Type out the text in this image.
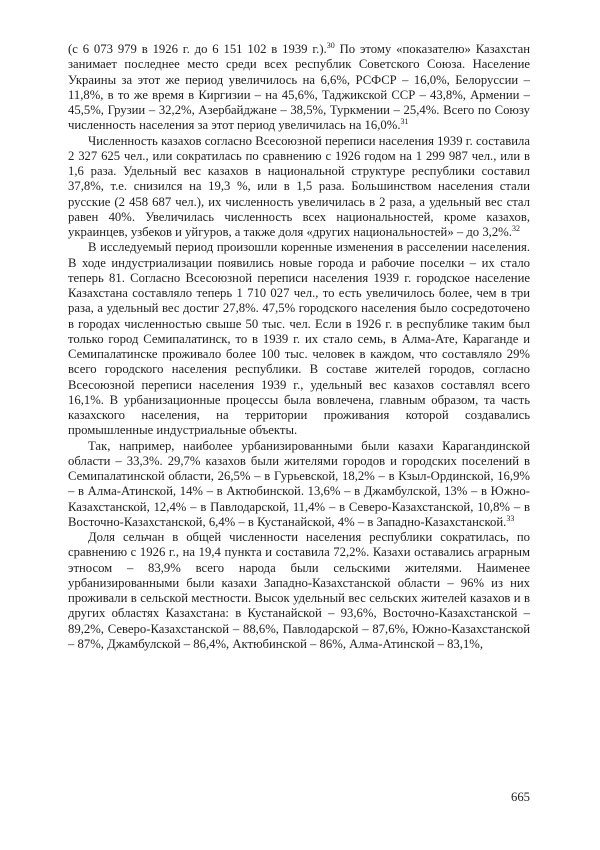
(с 6 073 979 в 1926 г. до 6 151 102 в 1939 г.).$^{30}$ По этому «показателю» Казахстан занимает последнее место среди всех республик Советского Союза. Население Украины за этот же период увеличилось на 6,6%, РСФСР – 16,0%, Белоруссии – 11,8%, в то же время в Киргизии – на 45,6%, Таджикской ССР – 43,8%, Армении – 45,5%, Грузии – 32,2%, Азербайджане – 38,5%, Туркмении – 25,4%. Всего по Союзу численность населения за этот период увеличилась на 16,0%.$^{31}$

Численность казахов согласно Всесоюзной переписи населения 1939 г. составила 2 327 625 чел., или сократилась по сравнению с 1926 годом на 1 299 987 чел., или в 1,6 раза. Удельный вес казахов в национальной структуре республики составил 37,8%, т.е. снизился на 19,3 %, или в 1,5 раза. Большинством населения стали русские (2 458 687 чел.), их численность увеличилась в 2 раза, а удельный вес стал равен 40%. Увеличилась численность всех национальностей, кроме казахов, украинцев, узбеков и уйгуров, а также доля «других национальностей» – до 3,2%.$^{32}$

В исследуемый период произошли коренные изменения в расселении населения. В ходе индустриализации появились новые города и рабочие поселки – их стало теперь 81. Согласно Всесоюзной переписи населения 1939 г. городское население Казахстана составляло теперь 1 710 027 чел., то есть увеличилось более, чем в три раза, а удельный вес достиг 27,8%. 47,5% городского населения было сосредоточено в городах численностью свыше 50 тыс. чел. Если в 1926 г. в республике таким был только город Семипалатинск, то в 1939 г. их стало семь, в Алма-Ате, Караганде и Семипалатинске проживало более 100 тыс. человек в каждом, что составляло 29% всего городского населения республики. В составе жителей городов, согласно Всесоюзной переписи населения 1939 г., удельный вес казахов составлял всего 16,1%. В урбанизационные процессы была вовлечена, главным образом, та часть казахского населения, на территории проживания которой создавались промышленные индустриальные объекты.

Так, например, наиболее урбанизированными были казахи Карагандинской области – 33,3%. 29,7% казахов были жителями городов и городских поселений в Семипалатинской области, 26,5% – в Гурьевской, 18,2% – в Кзыл-Ординской, 16,9% – в Алма-Атинской, 14% – в Актюбинской. 13,6% – в Джамбулской, 13% – в Южно-Казахстанской, 12,4% – в Павлодарской, 11,4% – в Северо-Казахстанской, 10,8% – в Восточно-Казахстанской, 6,4% – в Кустанайской, 4% – в Западно-Казахстанской.$^{33}$

Доля сельчан в общей численности населения республики сократилась, по сравнению с 1926 г., на 19,4 пункта и составила 72,2%. Казахи оставались аграрным этносом – 83,9% всего народа были сельскими жителями. Наименее урбанизированными были казахи Западно-Казахстанской области – 96% из них проживали в сельской местности. Высок удельный вес сельских жителей казахов и в других областях Казахстана: в Кустанайской – 93,6%, Восточно-Казахстанской – 89,2%, Северо-Казахстанской – 88,6%, Павлодарской – 87,6%, Южно-Казахстанской – 87%, Джамбулской – 86,4%, Актюбинской – 86%, Алма-Атинской – 83,1%,

665
